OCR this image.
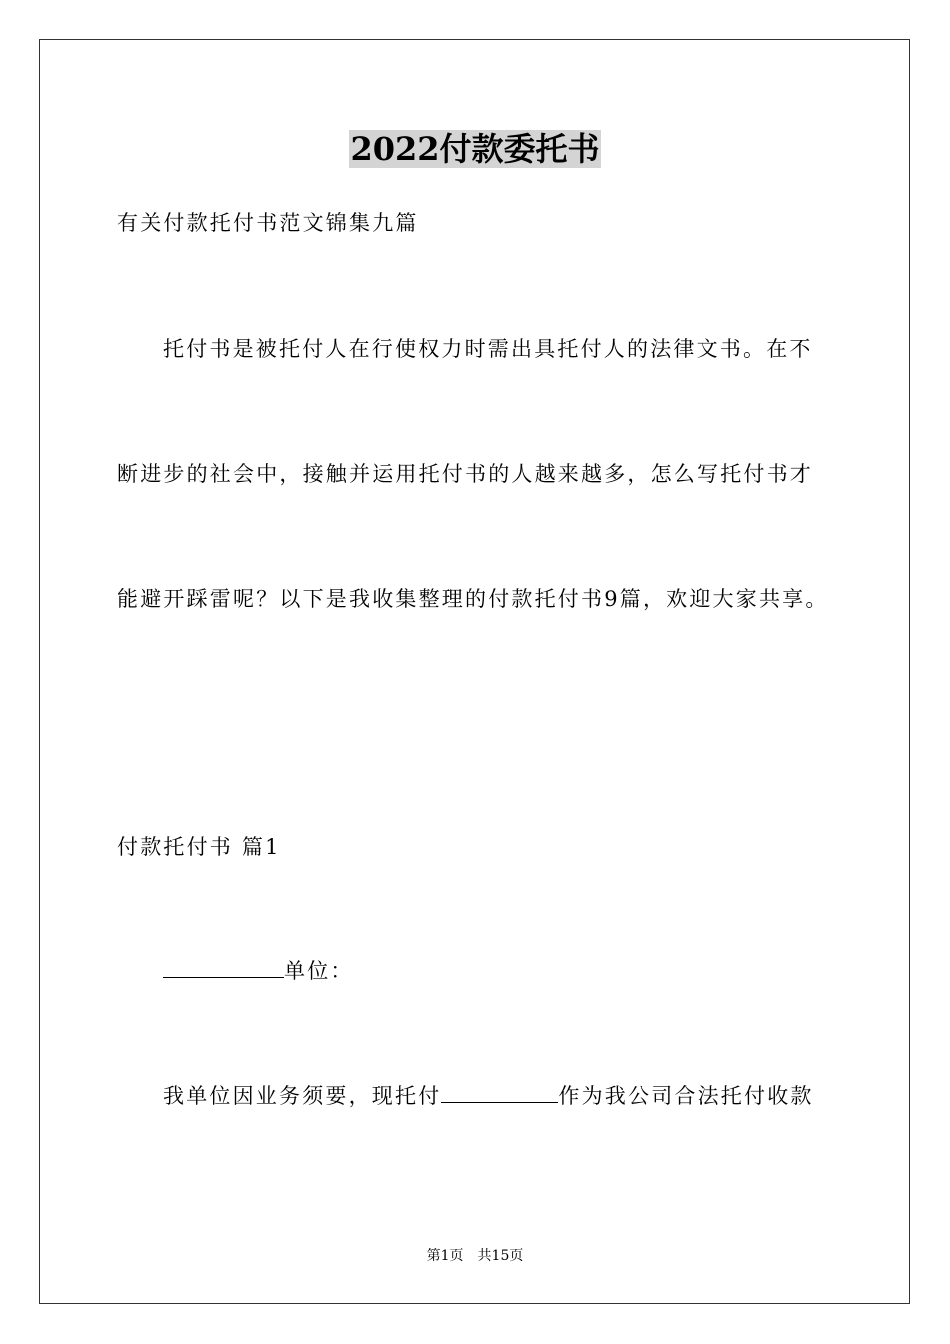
2022付款委托书
有关付款托付书范文锦集九篇
托付书是被托付人在行使权力时需出具托付人的法律文书。在不
断进步的社会中，接触并运用托付书的人越来越多，怎么写托付书才
能避开踩雷呢？以下是我收集整理的付款托付书9篇，欢迎大家共享。
付款托付书 篇1
单位：
我单位因业务须要，现托付	作为我公司合法托付收款
第1页 共15页
